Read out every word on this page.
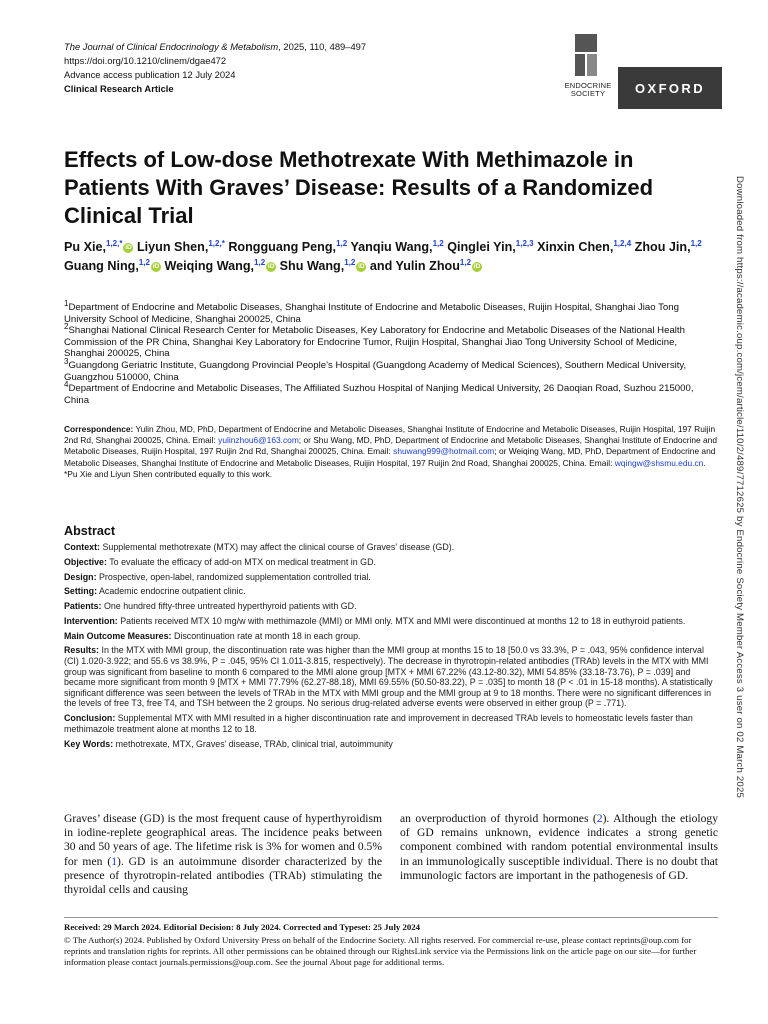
The Journal of Clinical Endocrinology & Metabolism, 2025, 110, 489–497
https://doi.org/10.1210/clinem/dgae472
Advance access publication 12 July 2024
Clinical Research Article	ENDOCRINE
SOCIETY	OXFORD
Effects of Low-dose Methotrexate With Methimazole in Patients With Graves’ Disease: Results of a Randomized Clinical Trial
Pu Xie,$^{1,2,*}$ iD Liyun Shen,$^{1,2,*}$ Rongguang Peng,$^{1,2}$ Yanqiu Wang,$^{1,2}$ Qinglei Yin,$^{1,2,3}$ Xinxin Chen,$^{1,2,4}$ Zhou Jin,$^{1,2}$ Guang Ning,$^{1,2}$ iD Weiqing Wang,$^{1,2}$ iD Shu Wang,$^{1,2}$ iD and Yulin Zhou$^{1,2}$ iD

$^1$Department of Endocrine and Metabolic Diseases, Shanghai Institute of Endocrine and Metabolic Diseases, Ruijin Hospital, Shanghai Jiao Tong University School of Medicine, Shanghai 200025, China

$^2$Shanghai National Clinical Research Center for Metabolic Diseases, Key Laboratory for Endocrine and Metabolic Diseases of the National Health Commission of the PR China, Shanghai Key Laboratory for Endocrine Tumor, Ruijin Hospital, Shanghai Jiao Tong University School of Medicine, Shanghai 200025, China

$^3$Guangdong Geriatric Institute, Guangdong Provincial People’s Hospital (Guangdong Academy of Medical Sciences), Southern Medical University, Guangzhou 510000, China

$^4$Department of Endocrine and Metabolic Diseases, The Affiliated Suzhou Hospital of Nanjing Medical University, 26 Daoqian Road, Suzhou 215000, China

Correspondence: Yulin Zhou, MD, PhD, Department of Endocrine and Metabolic Diseases, Shanghai Institute of Endocrine and Metabolic Diseases, Ruijin Hospital, 197 Ruijin 2nd Rd, Shanghai 200025, China. Email: yulinzhou6@163.com; or Shu Wang, MD, PhD, Department of Endocrine and Metabolic Diseases, Shanghai Institute of Endocrine and Metabolic Diseases, Ruijin Hospital, 197 Ruijin 2nd Rd, Shanghai 200025, China. Email: shuwang999@hotmail.com; or Weiqing Wang, MD, PhD, Department of Endocrine and Metabolic Diseases, Shanghai Institute of Endocrine and Metabolic Diseases, Ruijin Hospital, 197 Ruijin 2nd Road, Shanghai 200025, China. Email: wqingw@shsmu.edu.cn.

*Pu Xie and Liyun Shen contributed equally to this work.	Downloaded from https://academic.oup.com/jcem/article/110/2/489/7712625 by Endocrine Society Member Access 3 user on 02 March 2025
Abstract

Context: Supplemental methotrexate (MTX) may affect the clinical course of Graves’ disease (GD).

Objective: To evaluate the efficacy of add-on MTX on medical treatment in GD.

Design: Prospective, open-label, randomized supplementation controlled trial.

Setting: Academic endocrine outpatient clinic.

Patients: One hundred fifty-three untreated hyperthyroid patients with GD.

Intervention: Patients received MTX 10 mg/w with methimazole (MMI) or MMI only. MTX and MMI were discontinued at months 12 to 18 in euthyroid patients.

Main Outcome Measures: Discontinuation rate at month 18 in each group.

Results: In the MTX with MMI group, the discontinuation rate was higher than the MMI group at months 15 to 18 [50.0 vs 33.3%, P = .043, 95% confidence interval (CI) 1.020-3.922; and 55.6 vs 38.9%, P = .045, 95% CI 1.011-3.815, respectively). The decrease in thyrotropin-related antibodies (TRAb) levels in the MTX with MMI group was significant from baseline to month 6 compared to the MMI alone group [MTX + MMI 67.22% (43.12-80.32), MMI 54.85% (33.18-73.76), P = .039] and became more significant from month 9 [MTX + MMI 77.79% (62.27-88.18), MMI 69.55% (50.50-83.22), P = .035] to month 18 (P < .01 in 15-18 months). A statistically significant difference was seen between the levels of TRAb in the MTX with MMI group and the MMI group at 9 to 18 months. There were no significant differences in the levels of free T3, free T4, and TSH between the 2 groups. No serious drug-related adverse events were observed in either group (P = .771).

Conclusion: Supplemental MTX with MMI resulted in a higher discontinuation rate and improvement in decreased TRAb levels to homeostatic levels faster than methimazole treatment alone at months 12 to 18.

Key Words: methotrexate, MTX, Graves’ disease, TRAb, clinical trial, autoimmunity

Graves’ disease (GD) is the most frequent cause of hyperthyroidism in iodine-replete geographical areas. The incidence peaks between 30 and 50 years of age. The lifetime risk is 3% for women and 0.5% for men (1). GD is an autoimmune disorder characterized by the presence of thyrotropin-related antibodies (TRAb) stimulating the thyroidal cells and causing
an overproduction of thyroid hormones (2). Although the etiology of GD remains unknown, evidence indicates a strong genetic component combined with random potential environmental insults in an immunologically susceptible individual. There is no doubt that immunologic factors are important in the pathogenesis of GD.

Received: 29 March 2024. Editorial Decision: 8 July 2024. Corrected and Typeset: 25 July 2024

© The Author(s) 2024. Published by Oxford University Press on behalf of the Endocrine Society. All rights reserved. For commercial re-use, please contact reprints@oup.com for reprints and translation rights for reprints. All other permissions can be obtained through our RightsLink service via the Permissions link on the article page on our site—for further information please contact journals.permissions@oup.com. See the journal About page for additional terms.
